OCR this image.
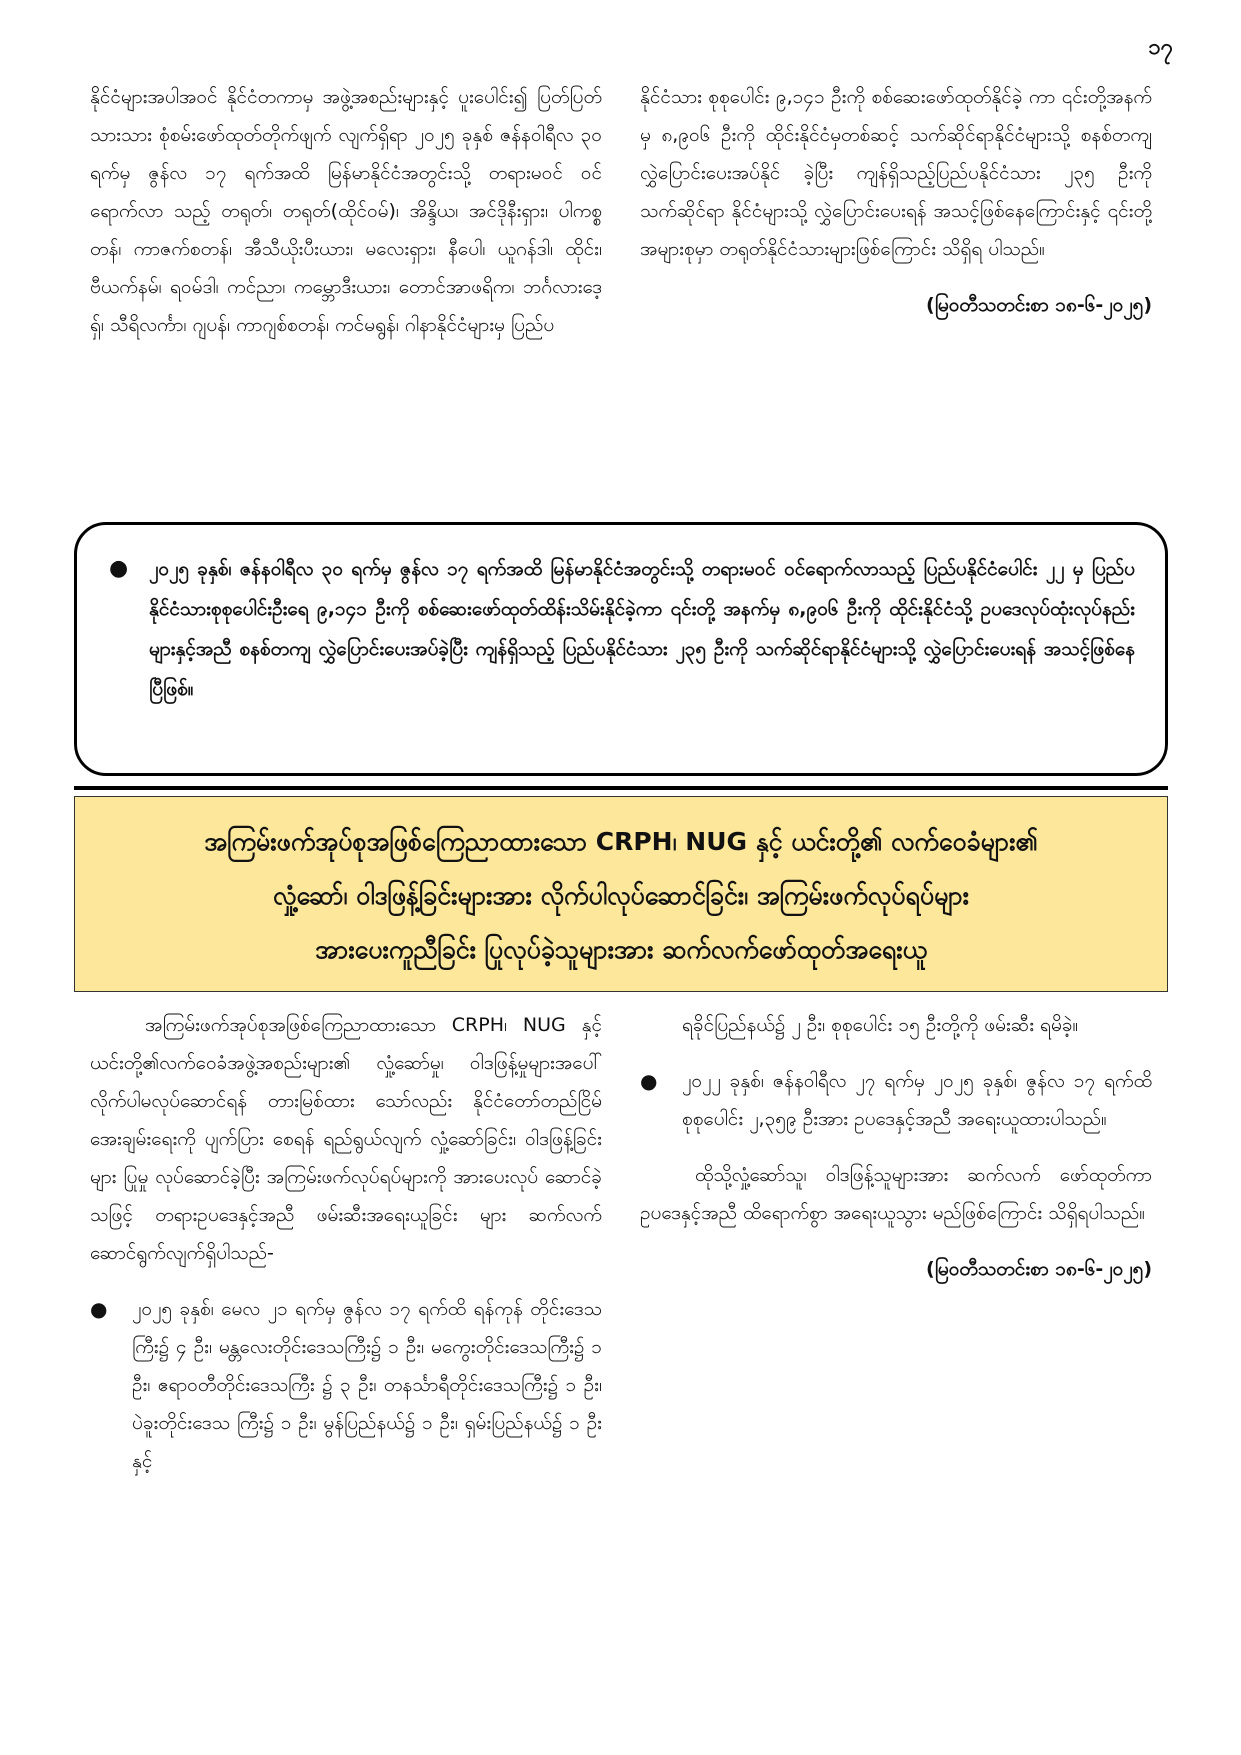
၁၇

နိုင်ငံများအပါအဝင် နိုင်ငံတကာမှ အဖွဲ့အစည်းများနှင့် ပူးပေါင်း၍ ပြတ်ပြတ်သားသား စုံစမ်းဖော်ထုတ်တိုက်ဖျက် လျက်ရှိရာ ၂၀၂၅ ခုနှစ် ဇန်နဝါရီလ ၃၀ ရက်မှ ဇွန်လ ၁၇ ရက်အထိ မြန်မာနိုင်ငံအတွင်းသို့ တရားမဝင် ဝင်ရောက်လာ သည့် တရုတ်၊ တရုတ်(ထိုင်ဝမ်)၊ အိန္ဒိယ၊ အင်ဒိုနီးရှား၊ ပါကစ္စတန်၊ ကာဇက်စတန်၊ အီသီယိုးပီးယား၊ မလေးရှား၊ နီပေါ၊ ယူဂန်ဒါ၊ ထိုင်း၊ ဗီယက်နမ်၊ ရဝမ်ဒါ၊ ကင်ညာ၊ ကမ္ဘောဒီးယား၊ တောင်အာဖရိက၊ ဘင်္ဂလားဒေ့ရှ်၊ သီရိလင်္ကာ၊ ဂျပန်၊ ကာဂျစ်စတန်၊ ကင်မရွန်၊ ဂါနာနိုင်ငံများမှ ပြည်ပ

နိုင်ငံသား စုစုပေါင်း ၉,၁၄၁ ဦးကို စစ်ဆေးဖော်ထုတ်နိုင်ခဲ့ ကာ ၎င်းတို့အနက်မှ ၈,၉၀၆ ဦးကို ထိုင်းနိုင်ငံမှတစ်ဆင့် သက်ဆိုင်ရာနိုင်ငံများသို့ စနစ်တကျ လွှဲပြောင်းပေးအပ်နိုင် ခဲ့ပြီး ကျန်ရှိသည့်ပြည်ပနိုင်ငံသား ၂၃၅ ဦးကို သက်ဆိုင်ရာ နိုင်ငံများသို့ လွှဲပြောင်းပေးရန် အသင့်ဖြစ်နေကြောင်းနှင့် ၎င်းတို့အများစုမှာ တရုတ်နိုင်ငံသားများဖြစ်ကြောင်း သိရှိရ ပါသည်။

(မြဝတီသတင်းစာ ၁၈-၆-၂၀၂၅)

●	၂၀၂၅ ခုနှစ်၊ ဇန်နဝါရီလ ၃၀ ရက်မှ ဇွန်လ ၁၇ ရက်အထိ မြန်မာနိုင်ငံအတွင်းသို့ တရားမဝင် ဝင်ရောက်လာသည့် ပြည်ပနိုင်ငံပေါင်း ၂၂ မှ ပြည်ပနိုင်ငံသားစုစုပေါင်းဦးရေ ၉,၁၄၁ ဦးကို စစ်ဆေးဖော်ထုတ်ထိန်းသိမ်းနိုင်ခဲ့ကာ ၎င်းတို့ အနက်မှ ၈,၉၀၆ ဦးကို ထိုင်းနိုင်ငံသို့ ဥပဒေလုပ်ထုံးလုပ်နည်းများနှင့်အညီ စနစ်တကျ လွှဲပြောင်းပေးအပ်ခဲ့ပြီး ကျန်ရှိသည့် ပြည်ပနိုင်ငံသား ၂၃၅ ဦးကို သက်ဆိုင်ရာနိုင်ငံများသို့ လွှဲပြောင်းပေးရန် အသင့်ဖြစ်နေပြီဖြစ်။
အကြမ်းဖက်အုပ်စုအဖြစ်ကြေညာထားသော CRPH၊ NUG နှင့် ယင်းတို့၏ လက်ဝေခံများ၏
လှုံ့ဆော်၊ ဝါဒဖြန့်ခြင်းများအား လိုက်ပါလုပ်ဆောင်ခြင်း၊ အကြမ်းဖက်လုပ်ရပ်များ
အားပေးကူညီခြင်း ပြုလုပ်ခဲ့သူများအား ဆက်လက်ဖော်ထုတ်အရေးယူ

အကြမ်းဖက်အုပ်စုအဖြစ်ကြေညာထားသော CRPH၊ NUG နှင့် ယင်းတို့၏လက်ဝေခံအဖွဲ့အစည်းများ၏ လှုံ့ဆော်မှု၊ ဝါဒဖြန့်မှုများအပေါ် လိုက်ပါမလုပ်ဆောင်ရန် တားမြစ်ထား သော်လည်း နိုင်ငံတော်တည်ငြိမ်အေးချမ်းရေးကို ပျက်ပြား စေရန် ရည်ရွယ်လျက် လှုံ့ဆော်ခြင်း၊ ဝါဒဖြန့်ခြင်းများ ပြုမှု လုပ်ဆောင်ခဲ့ပြီး အကြမ်းဖက်လုပ်ရပ်များကို အားပေးလုပ် ဆောင်ခဲ့သဖြင့် တရားဥပဒေနှင့်အညီ ဖမ်းဆီးအရေးယူခြင်း များ ဆက်လက်ဆောင်ရွက်လျက်ရှိပါသည်-

●	၂၀၂၅ ခုနှစ်၊ မေလ ၂၁ ရက်မှ ဇွန်လ ၁၇ ရက်ထိ ရန်ကုန် တိုင်းဒေသကြီး၌ ၄ ဦး၊ မန္တလေးတိုင်းဒေသကြီး၌ ၁ ဦး၊ မကွေးတိုင်းဒေသကြီး၌ ၁ ဦး၊ ဧရာဝတီတိုင်းဒေသကြီး ၌ ၃ ဦး၊ တနင်္သာရီတိုင်းဒေသကြီး၌ ၁ ဦး၊ ပဲခူးတိုင်းဒေသ ကြီး၌ ၁ ဦး၊ မွန်ပြည်နယ်၌ ၁ ဦး၊ ရှမ်းပြည်နယ်၌ ၁ ဦးနှင့်

ရခိုင်ပြည်နယ်၌ ၂ ဦး၊ စုစုပေါင်း ၁၅ ဦးတို့ကို ဖမ်းဆီး ရမိခဲ့။

●	၂၀၂၂ ခုနှစ်၊ ဇန်နဝါရီလ ၂၇ ရက်မှ ၂၀၂၅ ခုနှစ်၊ ဇွန်လ ၁၇ ရက်ထိ စုစုပေါင်း ၂,၃၅၉ ဦးအား ဥပဒေနှင့်အညီ အရေးယူထားပါသည်။

ထိုသို့လှုံ့ဆော်သူ၊ ဝါဒဖြန့်သူများအား ဆက်လက် ဖော်ထုတ်ကာ ဥပဒေနှင့်အညီ ထိရောက်စွာ အရေးယူသွား မည်ဖြစ်ကြောင်း သိရှိရပါသည်။

(မြဝတီသတင်းစာ ၁၈-၆-၂၀၂၅)
